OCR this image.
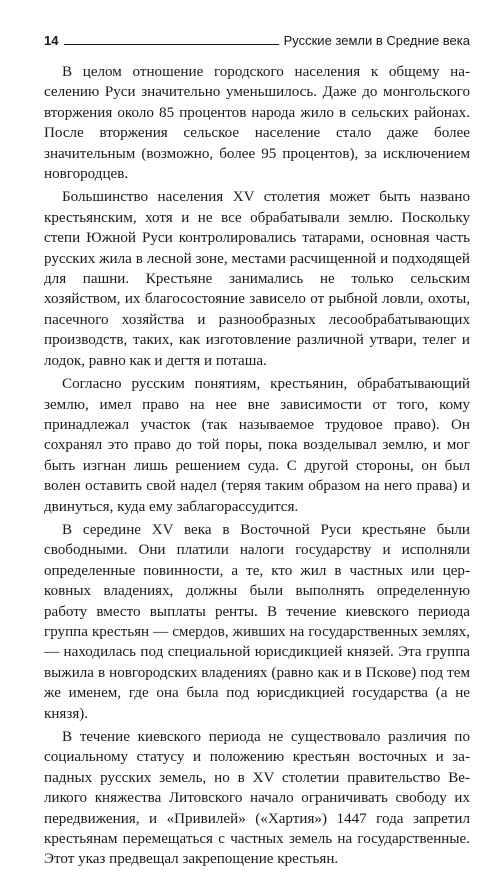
14	Русские земли в Средние века

В целом отношение городского населения к общему населению Руси значительно уменьшилось. Даже до монгольского вторжения около 85 процентов народа жило в сельских районах. После вторжения сельское население стало даже более значительным (возможно, более 95 процентов), за исключением новгородцев.

Большинство населения XV столетия может быть названо крестьянским, хотя и не все обрабатывали землю. Поскольку степи Южной Руси контролировались татарами, основная часть русских жила в лесной зоне, местами расчищенной и подходящей для пашни. Крестьяне занимались не только сельским хозяйством, их благосостояние зависело от рыбной ловли, охоты, пасечного хозяйства и разнообразных лесообрабатывающих производств, таких, как изготовление различной утвари, телег и лодок, равно как и дегтя и поташа.

Согласно русским понятиям, крестьянин, обрабатывающий землю, имел право на нее вне зависимости от того, кому принадлежал участок (так называемое трудовое право). Он сохранял это право до той поры, пока возделывал землю, и мог быть изгнан лишь решением суда. С другой стороны, он был волен оставить свой надел (теряя таким образом на него права) и двинуться, куда ему заблагорассудится.

В середине XV века в Восточной Руси крестьяне были свободными. Они платили налоги государству и исполняли определенные повинности, а те, кто жил в частных или церковных владениях, должны были выполнять определенную работу вместо выплаты ренты. В течение киевского периода группа крестьян — смердов, живших на государственных землях, — находилась под специальной юрисдикцией князей. Эта группа выжила в новгородских владениях (равно как и в Пскове) под тем же именем, где она была под юрисдикцией государства (а не князя).

В течение киевского периода не существовало различия по социальному статусу и положению крестьян восточных и западных русских земель, но в XV столетии правительство Великого княжества Литовского начало ограничивать свободу их передвижения, и «Привилей» («Хартия») 1447 года запретил крестьянам перемещаться с частных земель на государственные. Этот указ предвещал закрепощение крестьян.
